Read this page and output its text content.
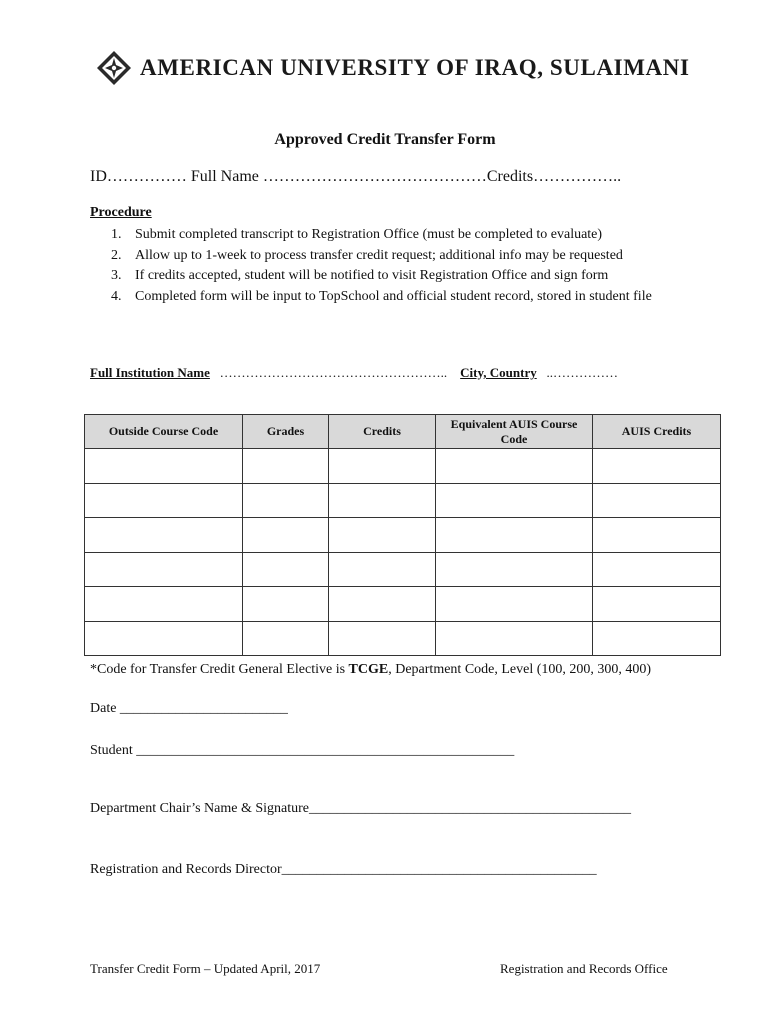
AMERICAN UNIVERSITY OF IRAQ, SULAIMANI
Approved Credit Transfer Form
ID…………… Full Name ……………………………………Credits……………..
Procedure
1. Submit completed transcript to Registration Office (must be completed to evaluate)
2. Allow up to 1-week to process transfer credit request; additional info may be requested
3. If credits accepted, student will be notified to visit Registration Office and sign form
4. Completed form will be input to TopSchool and official student record, stored in student file
Full Institution Name …………………………………………….. City, Country ..……………
Outside Course Code	Grades	Credits	Equivalent AUIS Course Code	AUIS Credits

*Code for Transfer Credit General Elective is TCGE, Department Code, Level (100, 200, 300, 400)
Date ________________________
Student ______________________________________________________
Department Chair’s Name & Signature______________________________________________
Registration and Records Director_____________________________________________
Transfer Credit Form – Updated April, 2017	Registration and Records Office
